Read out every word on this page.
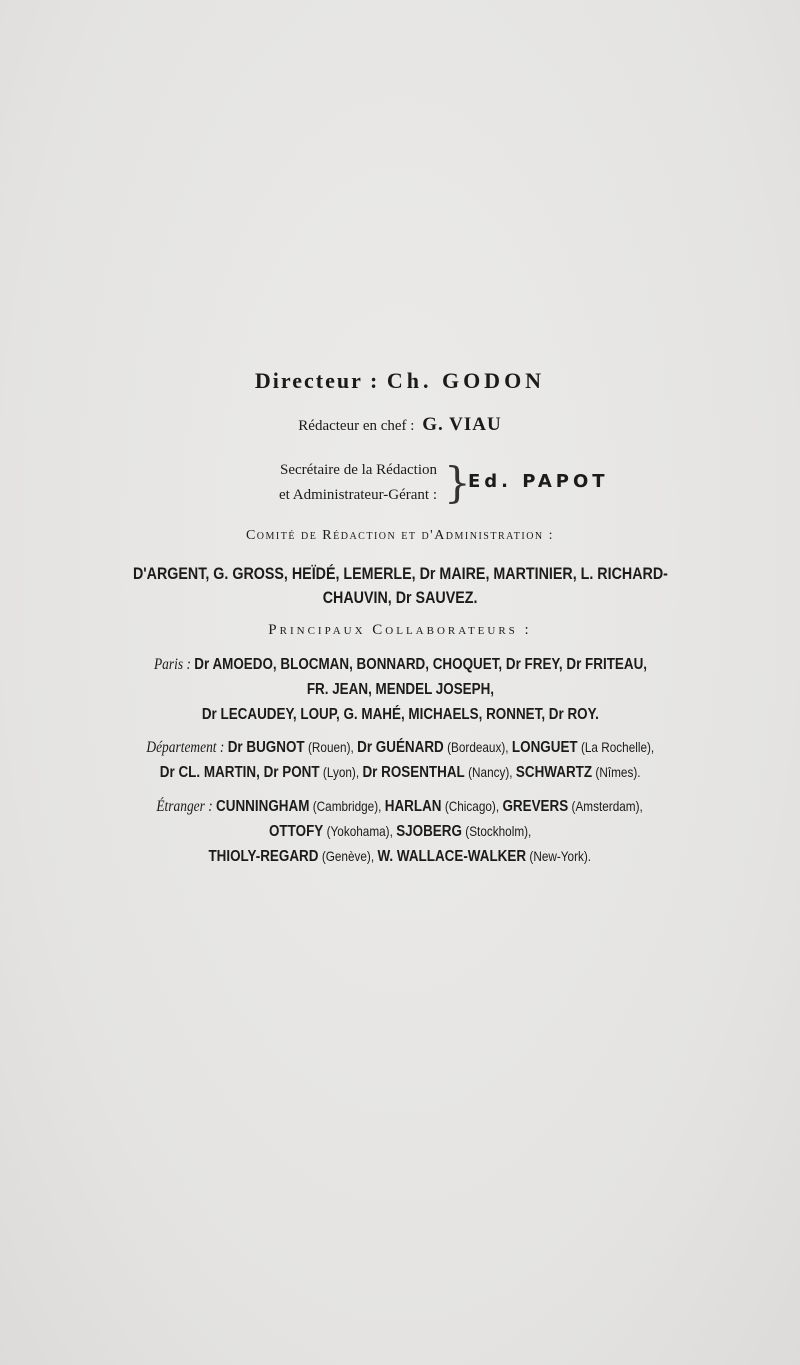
Directeur : Ch. GODON
Rédacteur en chef : G. VIAU
Secrétaire de la Rédaction
et Administrateur-Gérant : }
Ed. PAPOT
Comité de Rédaction et d'Administration :
D'ARGENT, G. GROSS, HEÏDÉ, LEMERLE, Dr MAIRE, MARTINIER, L. RICHARD-
CHAUVIN, Dr SAUVEZ.
Principaux Collaborateurs :
Paris : Dr AMOEDO, BLOCMAN, BONNARD, CHOQUET, Dr FREY, Dr FRITEAU,
FR. JEAN, MENDEL JOSEPH,
Dr LECAUDEY, LOUP, G. MAHÉ, MICHAELS, RONNET, Dr ROY.
Département : Dr BUGNOT (Rouen), Dr GUÉNARD (Bordeaux), LONGUET (La Rochelle),
Dr CL. MARTIN, Dr PONT (Lyon), Dr ROSENTHAL (Nancy), SCHWARTZ (Nîmes).
Étranger : CUNNINGHAM (Cambridge), HARLAN (Chicago), GREVERS (Amsterdam),
OTTOFY (Yokohama), SJOBERG (Stockholm),
THIOLY-REGARD (Genève), W. WALLACE-WALKER (New-York).
